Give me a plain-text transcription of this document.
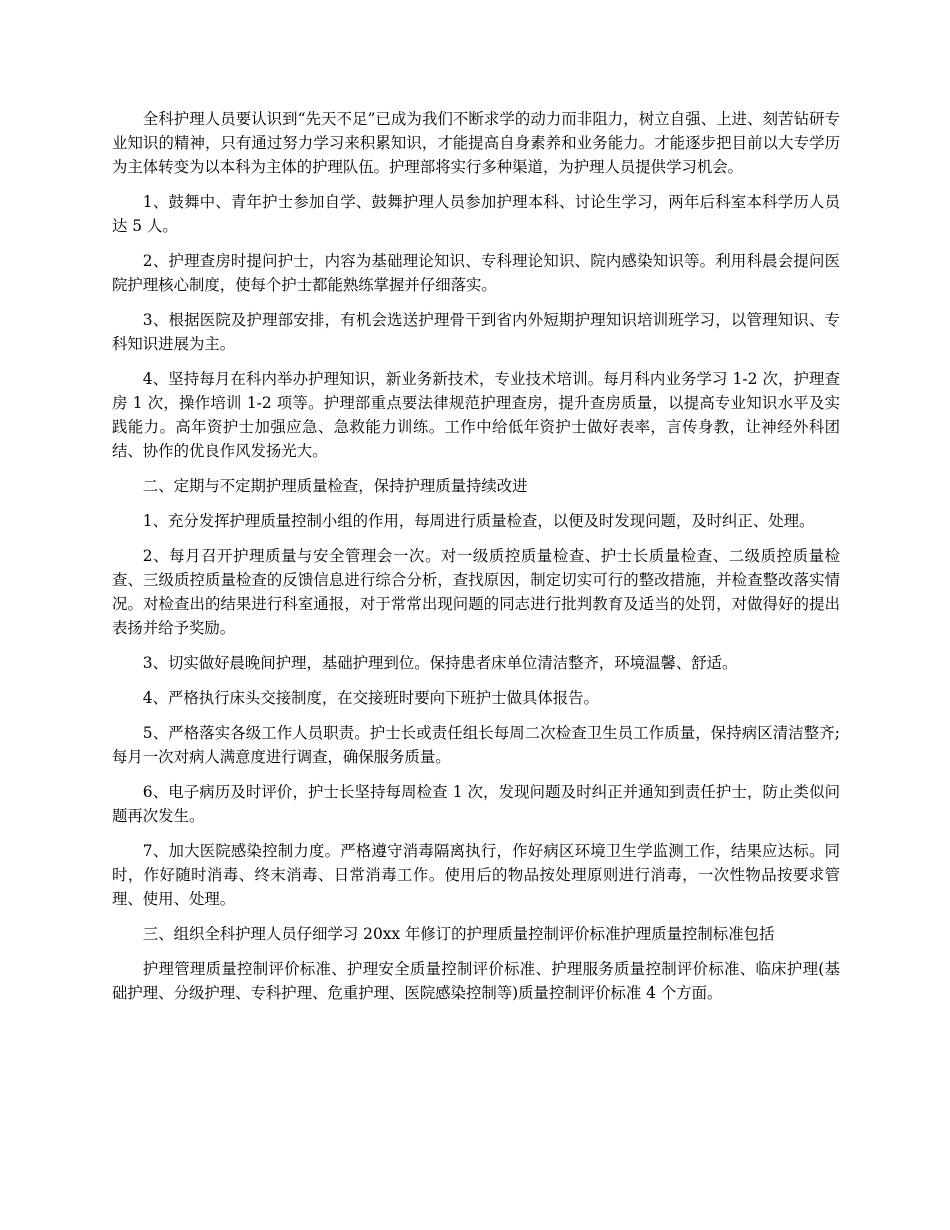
全科护理人员要认识到“先天不足”已成为我们不断求学的动力而非阻力，树立自强、上进、刻苦钻研专业知识的精神，只有通过努力学习来积累知识，才能提高自身素养和业务能力。才能逐步把目前以大专学历为主体转变为以本科为主体的护理队伍。护理部将实行多种渠道，为护理人员提供学习机会。

1、鼓舞中、青年护士参加自学、鼓舞护理人员参加护理本科、讨论生学习，两年后科室本科学历人员达 5 人。

2、护理查房时提问护士，内容为基础理论知识、专科理论知识、院内感染知识等。利用科晨会提问医院护理核心制度，使每个护士都能熟练掌握并仔细落实。

3、根据医院及护理部安排，有机会选送护理骨干到省内外短期护理知识培训班学习，以管理知识、专科知识进展为主。

4、坚持每月在科内举办护理知识，新业务新技术，专业技术培训。每月科内业务学习 1-2 次，护理查房 1 次，操作培训 1-2 项等。护理部重点要法律规范护理查房，提升查房质量，以提高专业知识水平及实践能力。高年资护士加强应急、急救能力训练。工作中给低年资护士做好表率，言传身教，让神经外科团结、协作的优良作风发扬光大。

二、定期与不定期护理质量检查，保持护理质量持续改进

1、充分发挥护理质量控制小组的作用，每周进行质量检查，以便及时发现问题，及时纠正、处理。

2、每月召开护理质量与安全管理会一次。对一级质控质量检查、护士长质量检查、二级质控质量检查、三级质控质量检查的反馈信息进行综合分析，查找原因，制定切实可行的整改措施，并检查整改落实情况。对检查出的结果进行科室通报，对于常常出现问题的同志进行批判教育及适当的处罚，对做得好的提出表扬并给予奖励。

3、切实做好晨晚间护理，基础护理到位。保持患者床单位清洁整齐，环境温馨、舒适。

4、严格执行床头交接制度，在交接班时要向下班护士做具体报告。

5、严格落实各级工作人员职责。护士长或责任组长每周二次检查卫生员工作质量，保持病区清洁整齐;每月一次对病人满意度进行调查，确保服务质量。

6、电子病历及时评价，护士长坚持每周检查 1 次，发现问题及时纠正并通知到责任护士，防止类似问题再次发生。

7、加大医院感染控制力度。严格遵守消毒隔离执行，作好病区环境卫生学监测工作，结果应达标。同时，作好随时消毒、终末消毒、日常消毒工作。使用后的物品按处理原则进行消毒，一次性物品按要求管理、使用、处理。

三、组织全科护理人员仔细学习 20xx 年修订的护理质量控制评价标准护理质量控制标准包括

护理管理质量控制评价标准、护理安全质量控制评价标准、护理服务质量控制评价标准、临床护理(基础护理、分级护理、专科护理、危重护理、医院感染控制等)质量控制评价标准 4 个方面。
